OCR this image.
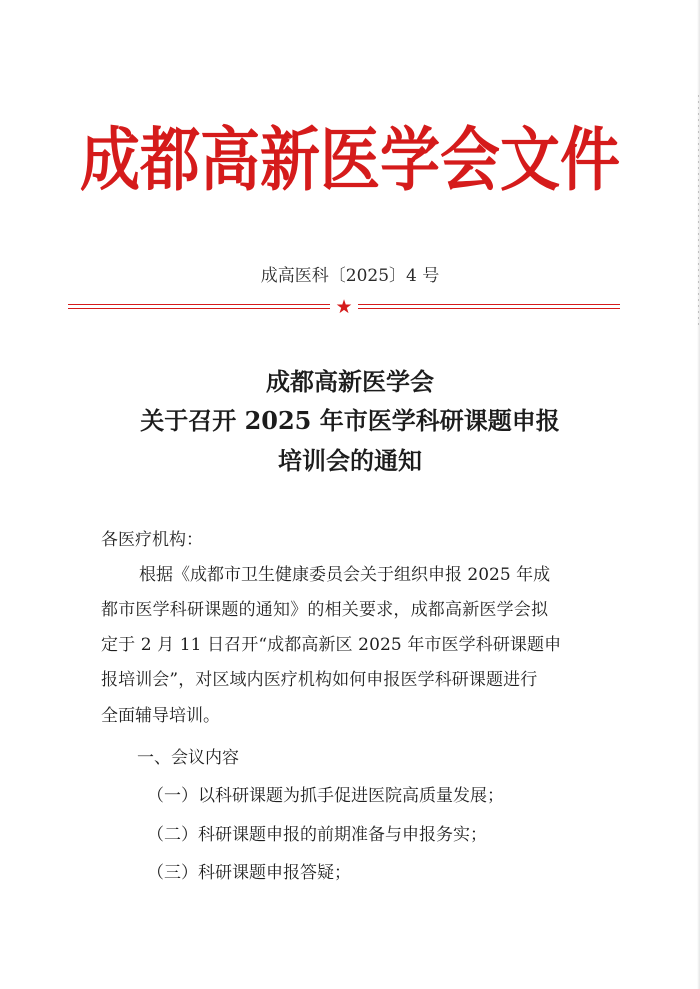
成都高新医学会文件
成高医科〔2025〕4 号
★
成都高新医学会
关于召开 2025 年市医学科研课题申报
培训会的通知
各医疗机构：
根据《成都市卫生健康委员会关于组织申报 2025 年成
都市医学科研课题的通知》的相关要求，成都高新医学会拟
定于 2 月 11 日召开“成都高新区 2025 年市医学科研课题申
报培训会”，对区域内医疗机构如何申报医学科研课题进行
全面辅导培训。
一、会议内容
（一）以科研课题为抓手促进医院高质量发展；
（二）科研课题申报的前期准备与申报务实；
（三）科研课题申报答疑；
